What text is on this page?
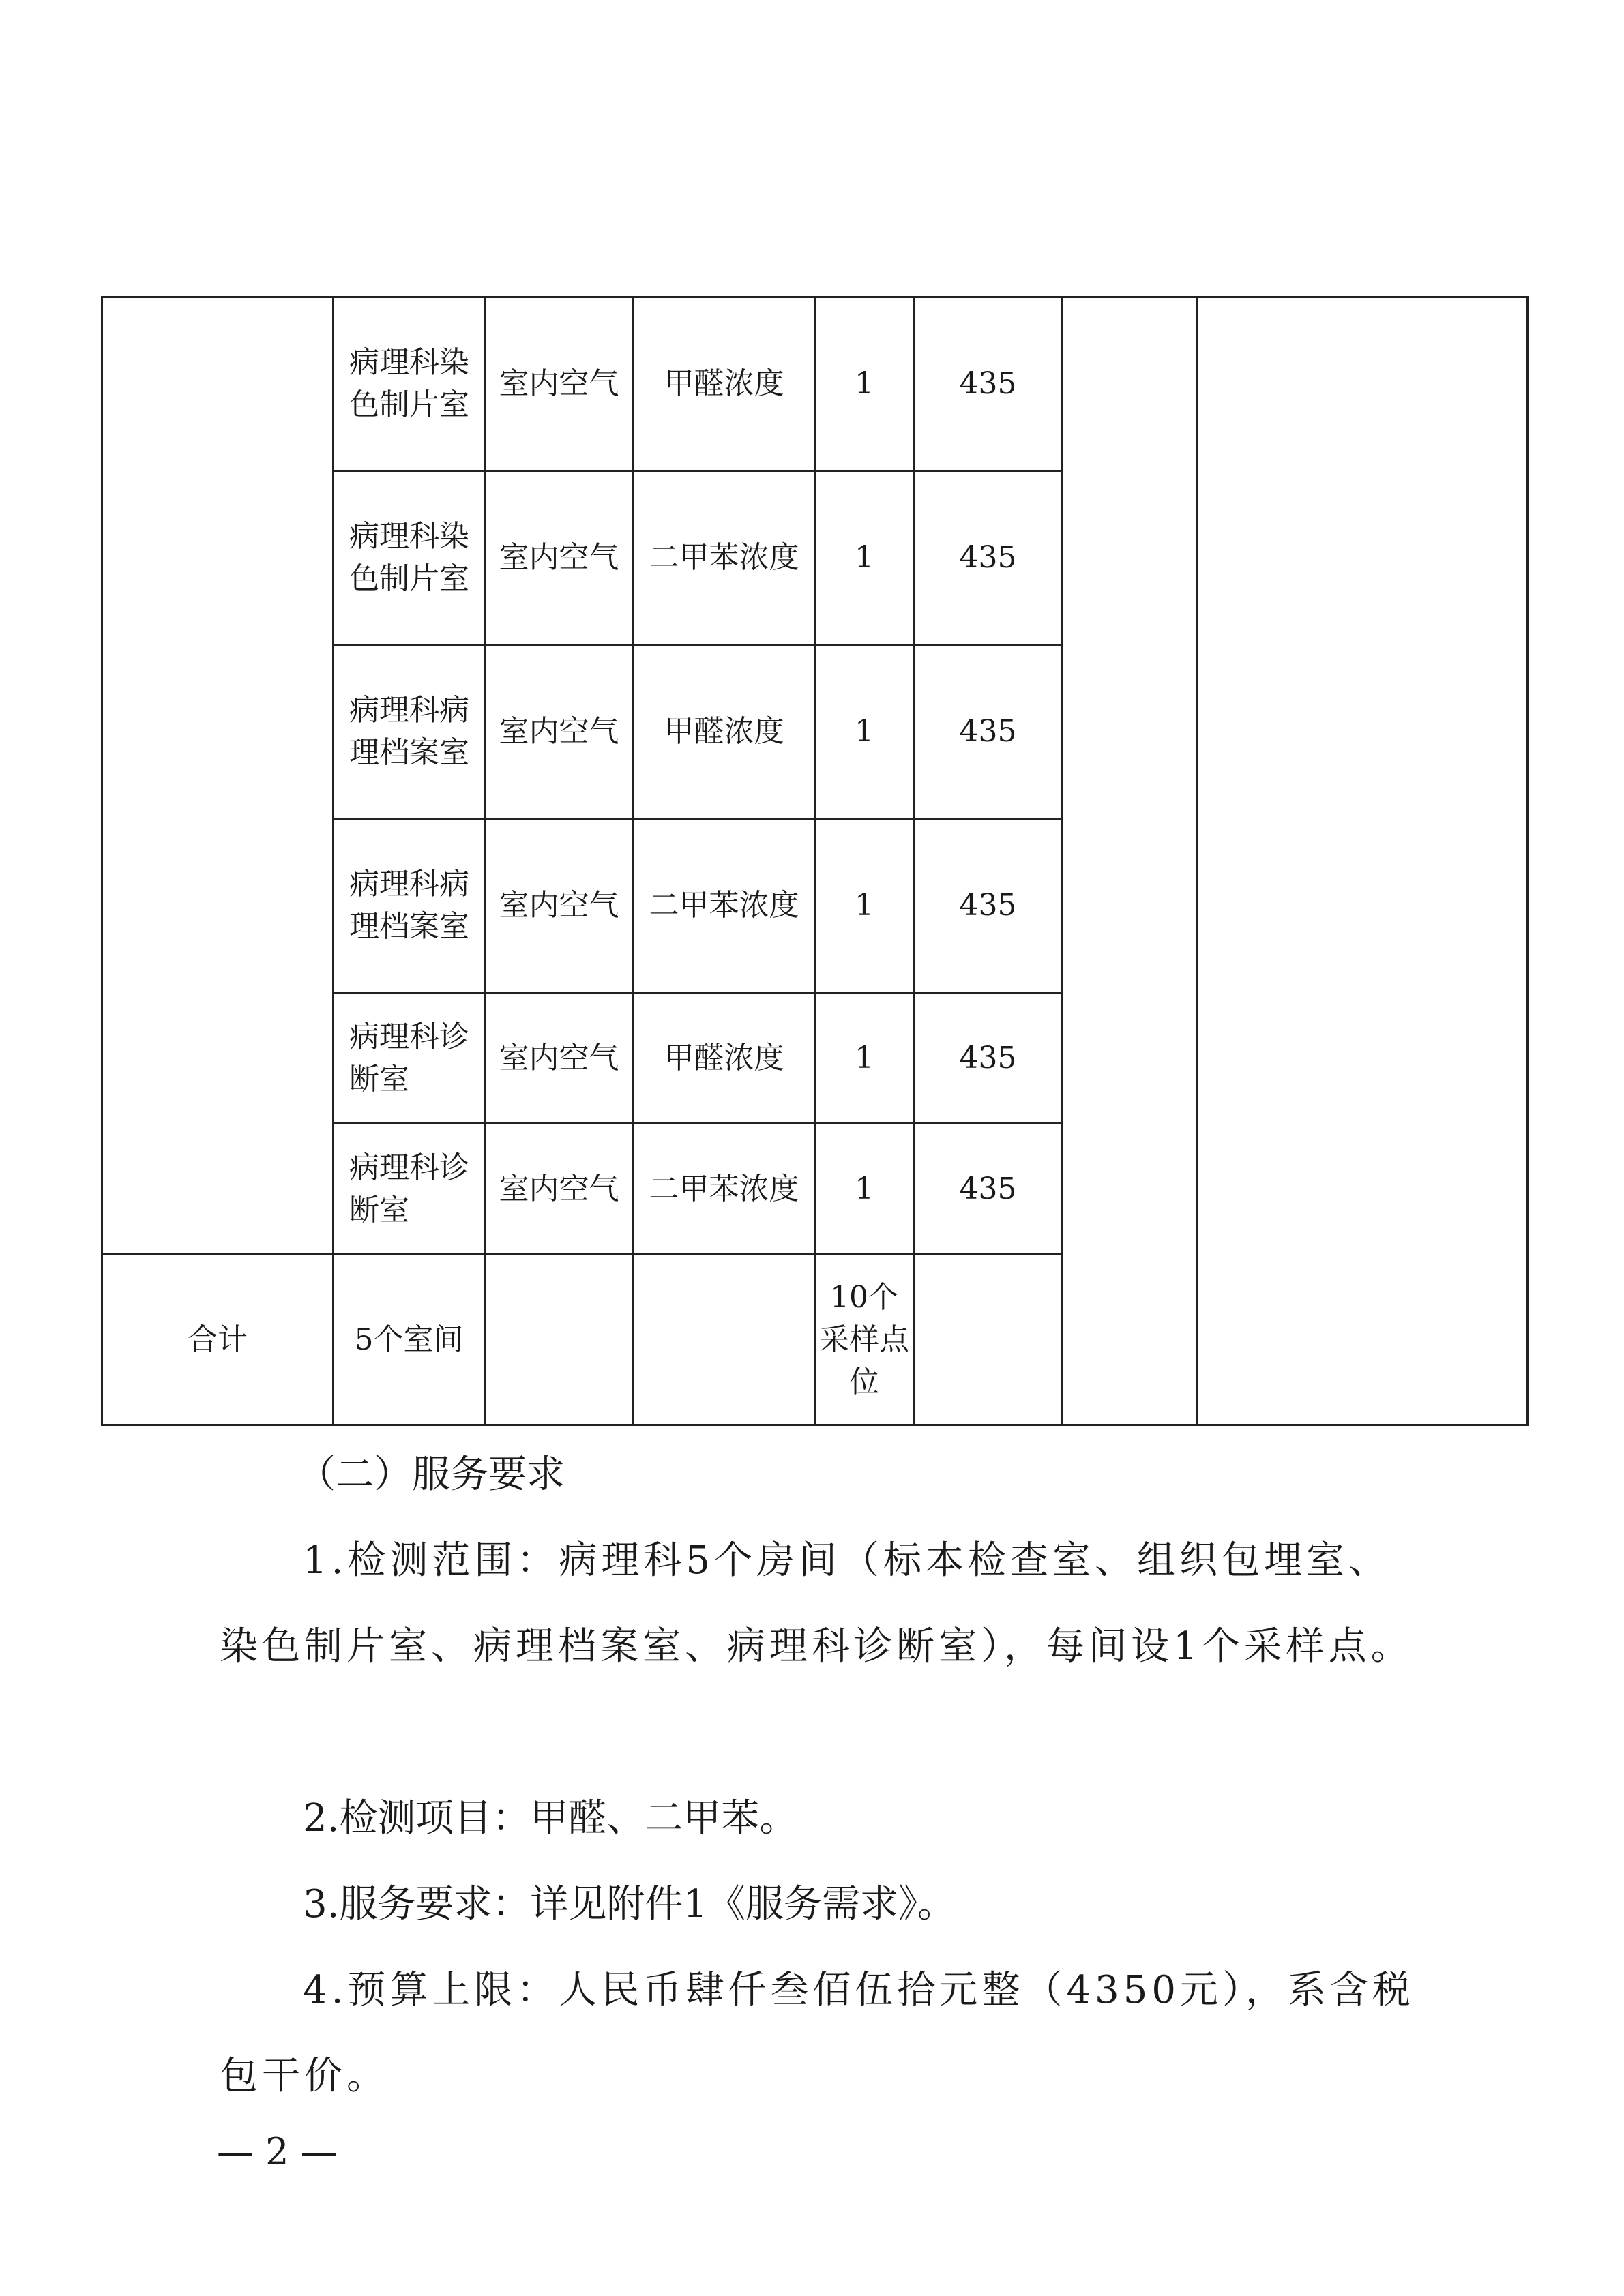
	病理科染色制片室	室内空气	甲醛浓度	1	435		
	病理科染色制片室	室内空气	二甲苯浓度	1	435		
	病理科病理档案室	室内空气	甲醛浓度	1	435		
	病理科病理档案室	室内空气	二甲苯浓度	1	435		
	病理科诊断室	室内空气	甲醛浓度	1	435		
	病理科诊断室	室内空气	二甲苯浓度	1	435		
合计	5个室间			10个采样点位			

（二）服务要求

1.检测范围：病理科5个房间（标本检查室、组织包埋室、染色制片室、病理档案室、病理科诊断室），每间设1个采样点。

2.检测项目：甲醛、二甲苯。

3.服务要求：详见附件1《服务需求》。

4.预算上限：人民币肆仟叁佰伍拾元整（4350元），系含税包干价。

— 2 —
